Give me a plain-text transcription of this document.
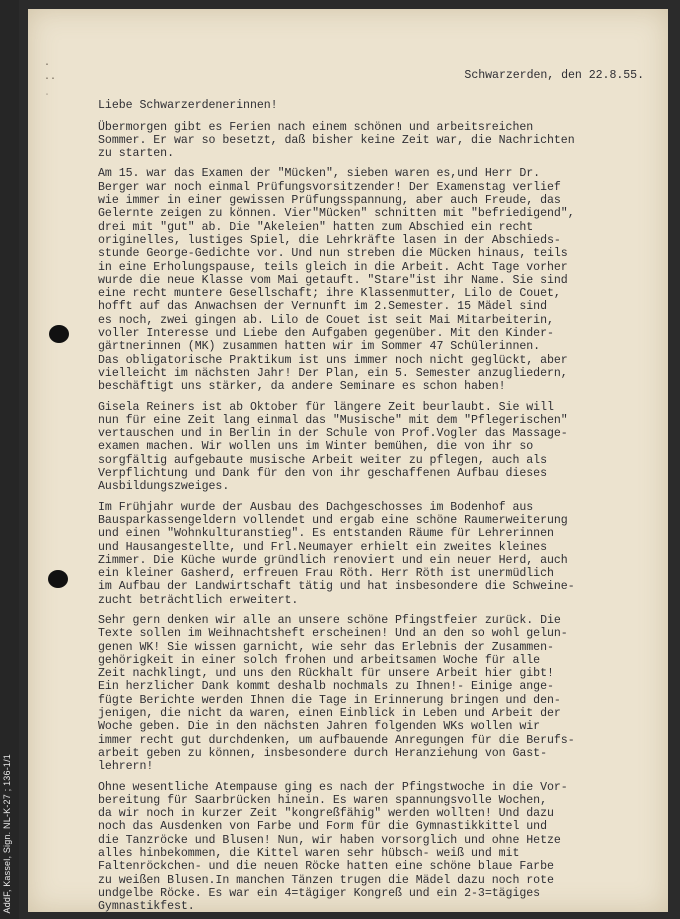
AddF, Kassel, Sign. NL-K-27 ; 136-1/1
.
..
ˌ
Schwarzerden, den 22.8.55.
Liebe Schwarzerdenerinnen!
Übermorgen gibt es Ferien nach einem schönen und arbeitsreichen
Sommer. Er war so besetzt, daß bisher keine Zeit war, die Nachrichten
zu starten.
Am 15. war das Examen der "Mücken", sieben waren es,und Herr Dr.
Berger war noch einmal Prüfungsvorsitzender! Der Examenstag verlief
wie immer in einer gewissen Prüfungsspannung, aber auch Freude, das
Gelernte zeigen zu können. Vier"Mücken" schnitten mit "befriedigend",
drei mit "gut" ab. Die "Akeleien" hatten zum Abschied ein recht
originelles, lustiges Spiel, die Lehrkräfte lasen in der Abschieds-
stunde George-Gedichte vor. Und nun streben die Mücken hinaus, teils
in eine Erholungspause, teils gleich in die Arbeit. Acht Tage vorher
wurde die neue Klasse vom Mai getauft. "Stare"ist ihr Name. Sie sind
eine recht muntere Gesellschaft; ihre Klassenmutter, Lilo de Couet,
hofft auf das Anwachsen der Vernunft im 2.Semester. 15 Mädel sind
es noch, zwei gingen ab. Lilo de Couet ist seit Mai Mitarbeiterin,
voller Interesse und Liebe den Aufgaben gegenüber. Mit den Kinder-
gärtnerinnen (MK) zusammen hatten wir im Sommer 47 Schülerinnen.
Das obligatorische Praktikum ist uns immer noch nicht geglückt, aber
vielleicht im nächsten Jahr! Der Plan, ein 5. Semester anzugliedern,
beschäftigt uns stärker, da andere Seminare es schon haben!
Gisela Reiners ist ab Oktober für längere Zeit beurlaubt. Sie will
nun für eine Zeit lang einmal das "Musische" mit dem "Pflegerischen"
vertauschen und in Berlin in der Schule von Prof.Vogler das Massage-
examen machen. Wir wollen uns im Winter bemühen, die von ihr so
sorgfältig aufgebaute musische Arbeit weiter zu pflegen, auch als
Verpflichtung und Dank für den von ihr geschaffenen Aufbau dieses
Ausbildungszweiges.
Im Frühjahr wurde der Ausbau des Dachgeschosses im Bodenhof aus
Bausparkassengeldern vollendet und ergab eine schöne Raumerweiterung
und einen "Wohnkulturanstieg". Es entstanden Räume für Lehrerinnen
und Hausangestellte, und Frl.Neumayer erhielt ein zweites kleines
Zimmer. Die Küche wurde gründlich renoviert und ein neuer Herd, auch
ein kleiner Gasherd, erfreuen Frau Röth. Herr Röth ist unermüdlich
im Aufbau der Landwirtschaft tätig und hat insbesondere die Schweine-
zucht beträchtlich erweitert.
Sehr gern denken wir alle an unsere schöne Pfingstfeier zurück. Die
Texte sollen im Weihnachtsheft erscheinen! Und an den so wohl gelun-
genen WK! Sie wissen garnicht, wie sehr das Erlebnis der Zusammen-
gehörigkeit in einer solch frohen und arbeitsamen Woche für alle
Zeit nachklingt, und uns den Rückhalt für unsere Arbeit hier gibt!
Ein herzlicher Dank kommt deshalb nochmals zu Ihnen!- Einige ange-
fügte Berichte werden Ihnen die Tage in Erinnerung bringen und den-
jenigen, die nicht da waren, einen Einblick in Leben und Arbeit der
Woche geben. Die in den nächsten Jahren folgenden WKs wollen wir
immer recht gut durchdenken, um aufbauende Anregungen für die Berufs-
arbeit geben zu können, insbesondere durch Heranziehung von Gast-
lehrern!
Ohne wesentliche Atempause ging es nach der Pfingstwoche in die Vor-
bereitung für Saarbrücken hinein. Es waren spannungsvolle Wochen,
da wir noch in kurzer Zeit "kongreßfähig" werden wollten! Und dazu
noch das Ausdenken von Farbe und Form für die Gymnastikkittel und
die Tanzröcke und Blusen! Nun, wir haben vorsorglich und ohne Hetze
alles hinbekommen, die Kittel waren sehr hübsch- weiß und mit
Faltenröckchen- und die neuen Röcke hatten eine schöne blaue Farbe
zu weißen Blusen.In manchen Tänzen trugen die Mädel dazu noch rote
undgelbe Röcke. Es war ein 4=tägiger Kongreß und ein 2-3=tägiges
Gymnastikfest.
